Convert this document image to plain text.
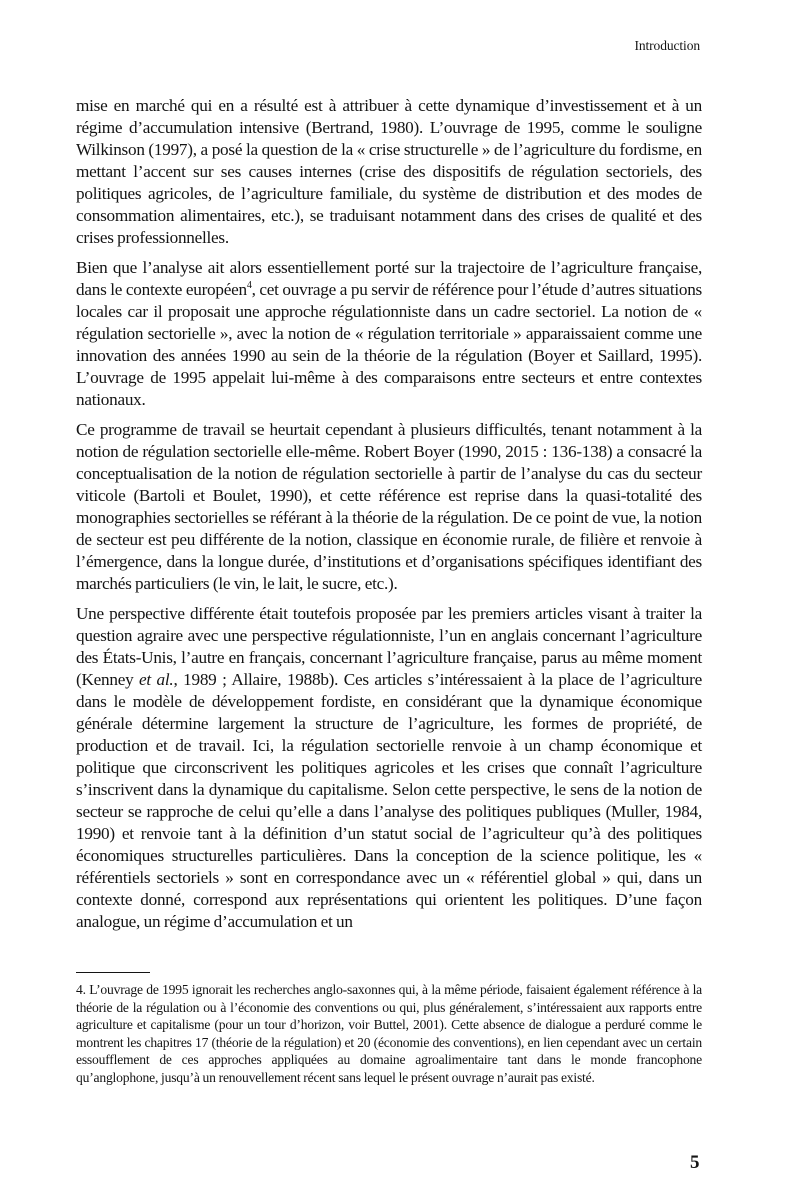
Introduction

mise en marché qui en a résulté est à attribuer à cette dynamique d’investissement et à un régime d’accumulation intensive (Bertrand, 1980). L’ouvrage de 1995, comme le souligne Wilkinson (1997), a posé la question de la « crise structurelle » de l’agriculture du fordisme, en mettant l’accent sur ses causes internes (crise des dispositifs de régulation sectoriels, des politiques agricoles, de l’agriculture familiale, du système de distribution et des modes de consommation alimentaires, etc.), se traduisant notamment dans des crises de qualité et des crises professionnelles.

Bien que l’analyse ait alors essentiellement porté sur la trajectoire de l’agriculture française, dans le contexte européen$^4$, cet ouvrage a pu servir de référence pour l’étude d’autres situations locales car il proposait une approche régulationniste dans un cadre sectoriel. La notion de « régulation sectorielle », avec la notion de « régulation territoriale » apparaissaient comme une innovation des années 1990 au sein de la théorie de la régulation (Boyer et Saillard, 1995). L’ouvrage de 1995 appelait lui-même à des comparaisons entre secteurs et entre contextes nationaux.

Ce programme de travail se heurtait cependant à plusieurs difficultés, tenant notamment à la notion de régulation sectorielle elle-même. Robert Boyer (1990, 2015 : 136-138) a consacré la conceptualisation de la notion de régulation sectorielle à partir de l’analyse du cas du secteur viticole (Bartoli et Boulet, 1990), et cette référence est reprise dans la quasi-totalité des monographies sectorielles se référant à la théorie de la régulation. De ce point de vue, la notion de secteur est peu différente de la notion, classique en économie rurale, de filière et renvoie à l’émergence, dans la longue durée, d’institutions et d’organisations spécifiques identifiant des marchés particuliers (le vin, le lait, le sucre, etc.).

Une perspective différente était toutefois proposée par les premiers articles visant à traiter la question agraire avec une perspective régulationniste, l’un en anglais concernant l’agriculture des États-Unis, l’autre en français, concernant l’agriculture française, parus au même moment (Kenney et al., 1989 ; Allaire, 1988b). Ces articles s’intéressaient à la place de l’agriculture dans le modèle de développement fordiste, en considérant que la dynamique économique générale détermine largement la structure de l’agriculture, les formes de propriété, de production et de travail. Ici, la régulation sectorielle renvoie à un champ économique et politique que circonscrivent les politiques agricoles et les crises que connaît l’agriculture s’inscrivent dans la dynamique du capitalisme. Selon cette perspective, le sens de la notion de secteur se rapproche de celui qu’elle a dans l’analyse des politiques publiques (Muller, 1984, 1990) et renvoie tant à la définition d’un statut social de l’agriculteur qu’à des politiques économiques structurelles particulières. Dans la conception de la science politique, les « référentiels sectoriels » sont en correspondance avec un « référentiel global » qui, dans un contexte donné, correspond aux représentations qui orientent les politiques. D’une façon analogue, un régime d’accumulation et un

4. L’ouvrage de 1995 ignorait les recherches anglo-saxonnes qui, à la même période, faisaient également référence à la théorie de la régulation ou à l’économie des conventions ou qui, plus généralement, s’intéressaient aux rapports entre agriculture et capitalisme (pour un tour d’horizon, voir Buttel, 2001). Cette absence de dialogue a perduré comme le montrent les chapitres 17 (théorie de la régulation) et 20 (économie des conventions), en lien cependant avec un certain essoufflement de ces approches appliquées au domaine agroalimentaire tant dans le monde francophone qu’anglophone, jusqu’à un renouvellement récent sans lequel le présent ouvrage n’aurait pas existé.

5
